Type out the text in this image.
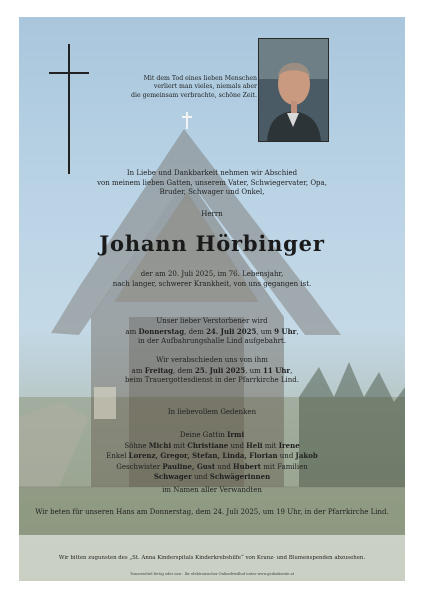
Mit dem Tod eines lieben Menschen
verliert man vieles, niemals aber
die gemeinsam verbrachte, schöne Zeit.
In Liebe und Dankbarkeit nehmen wir Abschied
von meinem lieben Gatten, unserem Vater, Schwiegervater, Opa,
Bruder, Schwager und Onkel,
Herrn
Johann Hörbinger
der am 20. Juli 2025, im 76. Lebensjahr,
nach langer, schwerer Krankheit, von uns gegangen ist.
Unser lieber Verstorbener wird
am Donnerstag, dem 24. Juli 2025, um 9 Uhr,
in der Aufbahrungshalle Lind aufgebahrt.
Wir verabschieden uns von ihm
am Freitag, dem 25. Juli 2025, um 11 Uhr,
beim Trauergottesdienst in der Pfarrkirche Lind.
In liebevollem Gedenken
Deine Gattin Irmi
Söhne Michi mit Christiane und Heli mit Irene
Enkel Lorenz, Gregor, Stefan, Linda, Florian und Jakob
Geschwister Pauline, Gust und Hubert mit Familien
Schwager und Schwägerinnen
im Namen aller Verwandten
Wir beten für unseren Hans am Donnerstag, dem 24. Juli 2025, um 19 Uhr, in der Pfarrkirche Lind.
Wir bitten zugunsten des „St. Anna Kinderspitals Kinderkrebshilfe“ von Kranz- und Blumenspenden abzusehen.
Trauerzettel fertig oder neu · Ihr elektronischer Onlinefriedhof unter www.gedenkseite.at
